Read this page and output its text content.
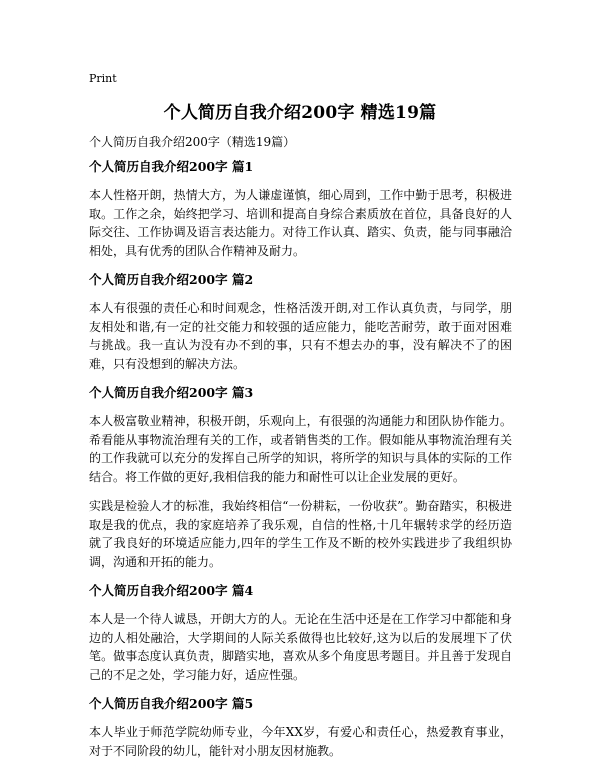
Print
个人简历自我介绍200字 精选19篇
个人简历自我介绍200字（精选19篇）
个人简历自我介绍200字 篇1

本人性格开朗，热情大方，为人谦虚谨慎，细心周到，工作中勤于思考，积极进取。工作之余，始终把学习、培训和提高自身综合素质放在首位，具备良好的人际交往、工作协调及语言表达能力。对待工作认真、踏实、负责，能与同事融洽相处，具有优秀的团队合作精神及耐力。

个人简历自我介绍200字 篇2

本人有很强的责任心和时间观念，性格活泼开朗,对工作认真负责，与同学，朋友相处和谐,有一定的社交能力和较强的适应能力，能吃苦耐劳，敢于面对困难与挑战。我一直认为没有办不到的事，只有不想去办的事，没有解决不了的困难，只有没想到的解决方法。

个人简历自我介绍200字 篇3

本人极富敬业精神，积极开朗，乐观向上，有很强的沟通能力和团队协作能力。希看能从事物流治理有关的工作，或者销售类的工作。假如能从事物流治理有关的工作我就可以充分的发挥自己所学的知识，将所学的知识与具体的实际的工作结合。将工作做的更好,我相信我的能力和耐性可以让企业发展的更好。

实践是检验人才的标准，我始终相信“一份耕耘，一份收获”。勤奋踏实，积极进取是我的优点，我的家庭培养了我乐观，自信的性格,十几年辗转求学的经历造就了我良好的环境适应能力,四年的学生工作及不断的校外实践进步了我组织协调，沟通和开拓的能力。

个人简历自我介绍200字 篇4

本人是一个待人诚恳，开朗大方的人。无论在生活中还是在工作学习中都能和身边的人相处融洽，大学期间的人际关系做得也比较好,这为以后的发展埋下了伏笔。做事态度认真负责，脚踏实地，喜欢从多个角度思考题目。并且善于发现自己的不足之处，学习能力好，适应性强。

个人简历自我介绍200字 篇5

本人毕业于师范学院幼师专业，今年XX岁，有爱心和责任心，热爱教育事业，对于不同阶段的幼儿，能针对小朋友因材施教。
